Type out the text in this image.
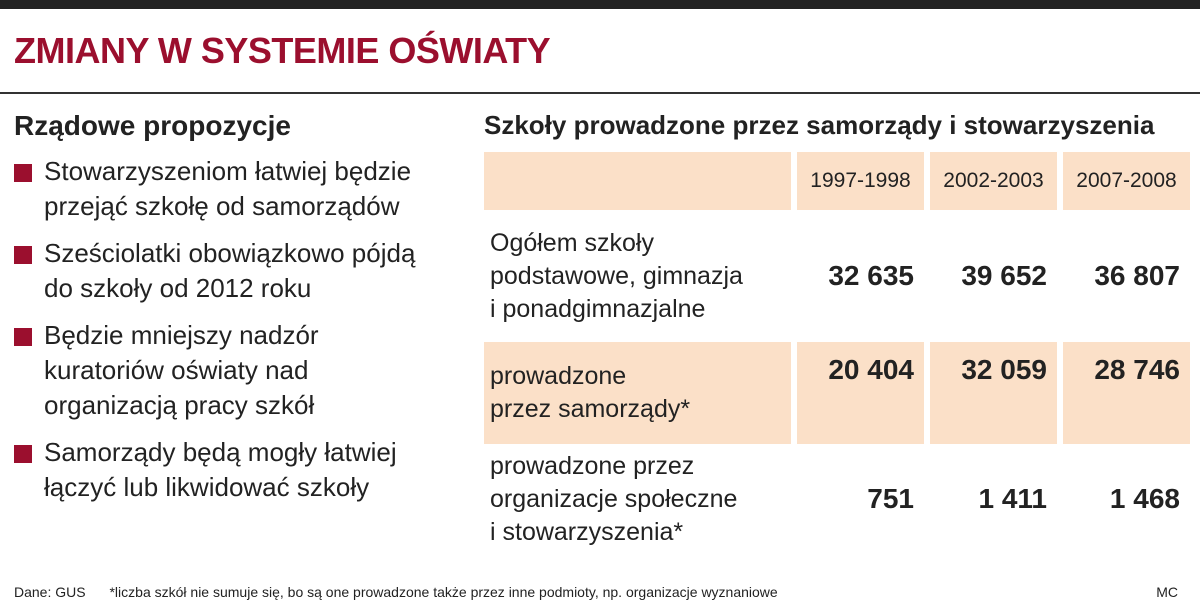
ZMIANY W SYSTEMIE OŚWIATY
Rządowe propozycje
Stowarzyszeniom łatwiej będzie
przejąć szkołę od samorządów
Sześciolatki obowiązkowo pójdą
do szkoły od 2012 roku
Będzie mniejszy nadzór
kuratoriów oświaty nad
organizacją pracy szkół
Samorządy będą mogły łatwiej
łączyć lub likwidować szkoły
Szkoły prowadzone przez samorządy i stowarzyszenia
	1997-1998	2002-2003	2007-2008

Ogółem szkoły
podstawowe, gimnazja
i ponadgimnazjalne	32 635	39 652	36 807

prowadzone
przez samorządy*	20 404	32 059	28 746

prowadzone przez
organizacje społeczne
i stowarzyszenia*	751	1 411	1 468
Dane: GUS *liczba szkół nie sumuje się, bo są one prowadzone także przez inne podmioty, np. organizacje wyznaniowe	MC
